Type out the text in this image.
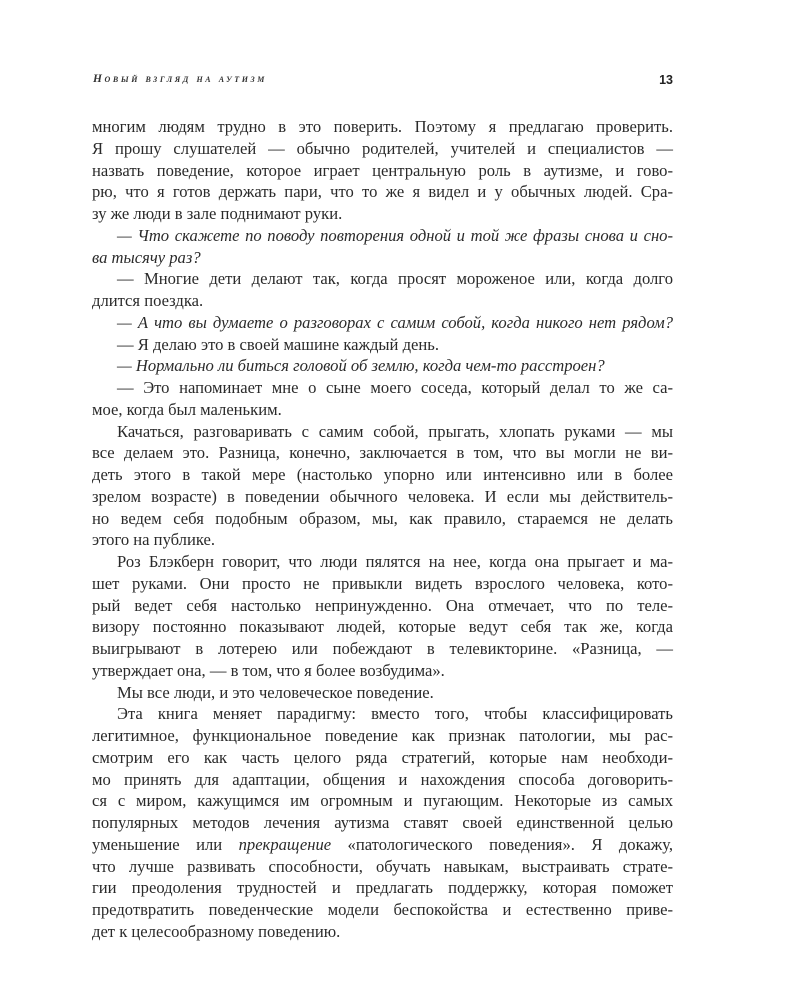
Новый взгляд на аутизм	13
многим людям трудно в это поверить. Поэтому я предлагаю проверить.
Я прошу слушателей — обычно родителей, учителей и специалистов —
назвать поведение, которое играет центральную роль в аутизме, и гово-
рю, что я готов держать пари, что то же я видел и у обычных людей. Сра-
зу же люди в зале поднимают руки.
— Что скажете по поводу повторения одной и той же фразы снова и сно-
ва тысячу раз?
— Многие дети делают так, когда просят мороженое или, когда долго
длится поездка.
— А что вы думаете о разговорах с самим собой, когда никого нет рядом?
— Я делаю это в своей машине каждый день.
— Нормально ли биться головой об землю, когда чем-то расстроен?
— Это напоминает мне о сыне моего соседа, который делал то же са-
мое, когда был маленьким.
Качаться, разговаривать с самим собой, прыгать, хлопать руками — мы
все делаем это. Разница, конечно, заключается в том, что вы могли не ви-
деть этого в такой мере (настолько упорно или интенсивно или в более
зрелом возрасте) в поведении обычного человека. И если мы действитель-
но ведем себя подобным образом, мы, как правило, стараемся не делать
этого на публике.
Роз Блэкберн говорит, что люди пялятся на нее, когда она прыгает и ма-
шет руками. Они просто не привыкли видеть взрослого человека, кото-
рый ведет себя настолько непринужденно. Она отмечает, что по теле-
визору постоянно показывают людей, которые ведут себя так же, когда
выигрывают в лотерею или побеждают в телевикторине. «Разница, —
утверждает она, — в том, что я более возбудима».
Мы все люди, и это человеческое поведение.
Эта книга меняет парадигму: вместо того, чтобы классифицировать
легитимное, функциональное поведение как признак патологии, мы рас-
смотрим его как часть целого ряда стратегий, которые нам необходи-
мо принять для адаптации, общения и нахождения способа договорить-
ся с миром, кажущимся им огромным и пугающим. Некоторые из самых
популярных методов лечения аутизма ставят своей единственной целью
уменьшение или прекращение «патологического поведения». Я докажу,
что лучше развивать способности, обучать навыкам, выстраивать страте-
гии преодоления трудностей и предлагать поддержку, которая поможет
предотвратить поведенческие модели беспокойства и естественно приве-
дет к целесообразному поведению.
